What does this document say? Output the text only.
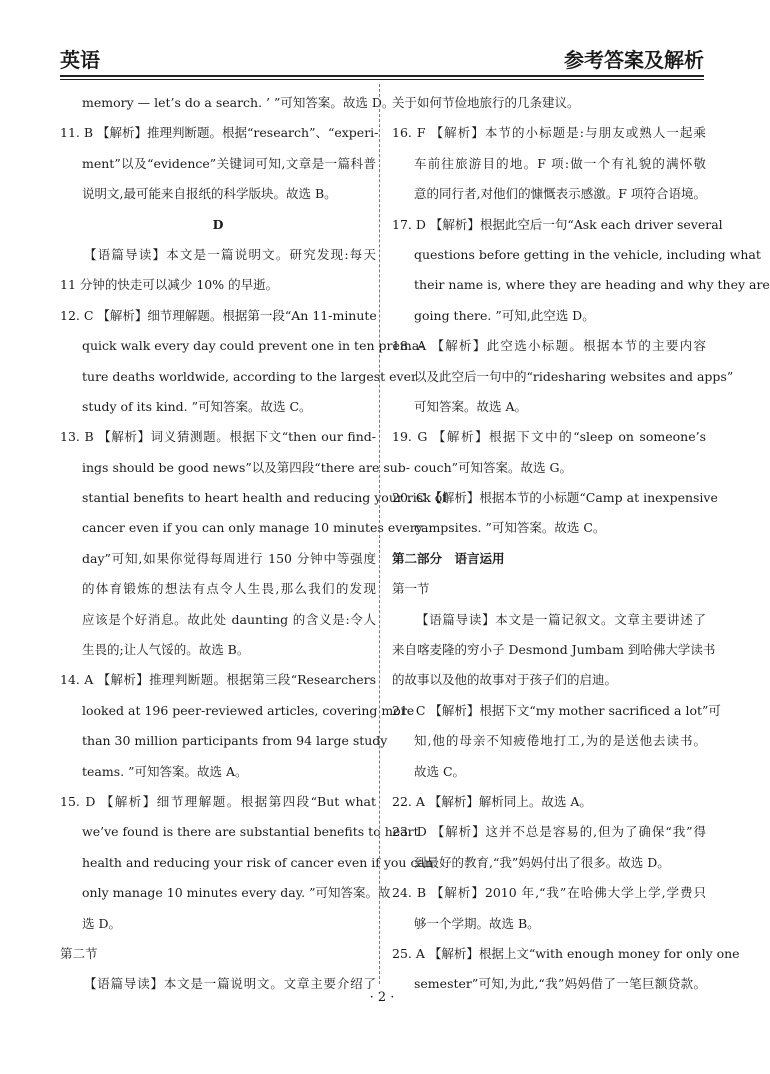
英语	参考答案及解析
memory — let’s do a search. ’ ”可知答案。故选 D。
11. B 【解析】推理判断题。根据“research”、“experi-
ment”以及“evidence”关键词可知,文章是一篇科普
说明文,最可能来自报纸的科学版块。故选 B。
D
【语篇导读】本文是一篇说明文。研究发现:每天
11 分钟的快走可以减少 10% 的早逝。
12. C 【解析】细节理解题。根据第一段“An 11-minute
quick walk every day could prevent one in ten prema-
ture deaths worldwide, according to the largest ever
study of its kind. ”可知答案。故选 C。
13. B 【解析】词义猜测题。根据下文“then our find-
ings should be good news”以及第四段“there are sub-
stantial benefits to heart health and reducing your risk of
cancer even if you can only manage 10 minutes every
day”可知,如果你觉得每周进行 150 分钟中等强度
的体育锻炼的想法有点令人生畏,那么我们的发现
应该是个好消息。故此处 daunting 的含义是:令人
生畏的;让人气馁的。故选 B。
14. A 【解析】推理判断题。根据第三段“Researchers
looked at 196 peer-reviewed articles, covering more
than 30 million participants from 94 large study
teams. ”可知答案。故选 A。
15. D 【解析】细节理解题。根据第四段“But what
we’ve found is there are substantial benefits to heart
health and reducing your risk of cancer even if you can
only manage 10 minutes every day. ”可知答案。故
选 D。
第二节
【语篇导读】本文是一篇说明文。文章主要介绍了
关于如何节俭地旅行的几条建议。
16. F 【解析】本节的小标题是:与朋友或熟人一起乘
车前往旅游目的地。F 项:做一个有礼貌的满怀敬
意的同行者,对他们的慷慨表示感激。F 项符合语境。
17. D 【解析】根据此空后一句“Ask each driver several
questions before getting in the vehicle, including what
their name is, where they are heading and why they are
going there. ”可知,此空选 D。
18. A 【解析】此空选小标题。根据本节的主要内容
以及此空后一句中的“ridesharing websites and apps”
可知答案。故选 A。
19. G 【解析】根据下文中的“sleep on someone’s
couch”可知答案。故选 G。
20. C 【解析】根据本节的小标题“Camp at inexpensive
campsites. ”可知答案。故选 C。
第二部分　语言运用
第一节
【语篇导读】本文是一篇记叙文。文章主要讲述了
来自喀麦隆的穷小子 Desmond Jumbam 到哈佛大学读书
的故事以及他的故事对于孩子们的启迪。
21. C 【解析】根据下文“my mother sacrificed a lot”可
知,他的母亲不知疲倦地打工,为的是送他去读书。
故选 C。
22. A 【解析】解析同上。故选 A。
23. D 【解析】这并不总是容易的,但为了确保“我”得
到最好的教育,“我”妈妈付出了很多。故选 D。
24. B 【解析】2010 年,“我”在哈佛大学上学,学费只
够一个学期。故选 B。
25. A 【解析】根据上文“with enough money for only one
semester”可知,为此,“我”妈妈借了一笔巨额贷款。
· 2 ·
